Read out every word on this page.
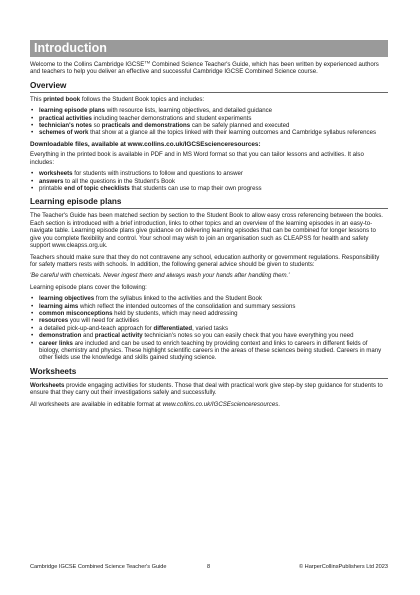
Introduction

Welcome to the Collins Cambridge IGCSE™ Combined Science Teacher's Guide, which has been written by experienced authors and teachers to help you deliver an effective and successful Cambridge IGCSE Combined Science course.

Overview

This printed book follows the Student Book topics and includes:

• learning episode plans with resource lists, learning objectives, and detailed guidance
• practical activities including teacher demonstrations and student experiments
• technician's notes so practicals and demonstrations can be safely planned and executed
• schemes of work that show at a glance all the topics linked with their learning outcomes and Cambridge syllabus references
Downloadable files, available at www.collins.co.uk/IGCSEscienceresources:

Everything in the printed book is available in PDF and in MS Word format so that you can tailor lessons and activities. It also includes:

• worksheets for students with instructions to follow and questions to answer
• answers to all the questions in the Student's Book
• printable end of topic checklists that students can use to map their own progress
Learning episode plans

The Teacher's Guide has been matched section by section to the Student Book to allow easy cross referencing between the books. Each section is introduced with a brief introduction, links to other topics and an overview of the learning episodes in an easy-to-navigate table. Learning episode plans give guidance on delivering learning episodes that can be combined for longer lessons to give you complete flexibility and control. Your school may wish to join an organisation such as CLEAPSS for health and safety support www.cleapss.org.uk.

Teachers should make sure that they do not contravene any school, education authority or government regulations. Responsibility for safety matters rests with schools. In addition, the following general advice should be given to students:

'Be careful with chemicals. Never ingest them and always wash your hands after handling them.'

Learning episode plans cover the following:

• learning objectives from the syllabus linked to the activities and the Student Book
• learning aims which reflect the intended outcomes of the consolidation and summary sessions
• common misconceptions held by students, which may need addressing
• resources you will need for activities
• a detailed pick-up-and-teach approach for differentiated, varied tasks
• demonstration and practical activity technician's notes so you can easily check that you have everything you need
• career links are included and can be used to enrich teaching by providing context and links to careers in different fields of biology, chemistry and physics. These highlight scientific careers in the areas of these sciences being studied. Careers in many other fields use the knowledge and skills gained studying science.
Worksheets

Worksheets provide engaging activities for students. Those that deal with practical work give step-by step guidance for students to ensure that they carry out their investigations safely and successfully.

All worksheets are available in editable format at www.collins.co.uk/IGCSEscienceresources.

Cambridge IGCSE Combined Science Teacher's Guide	8	© HarperCollinsPublishers Ltd 2023
